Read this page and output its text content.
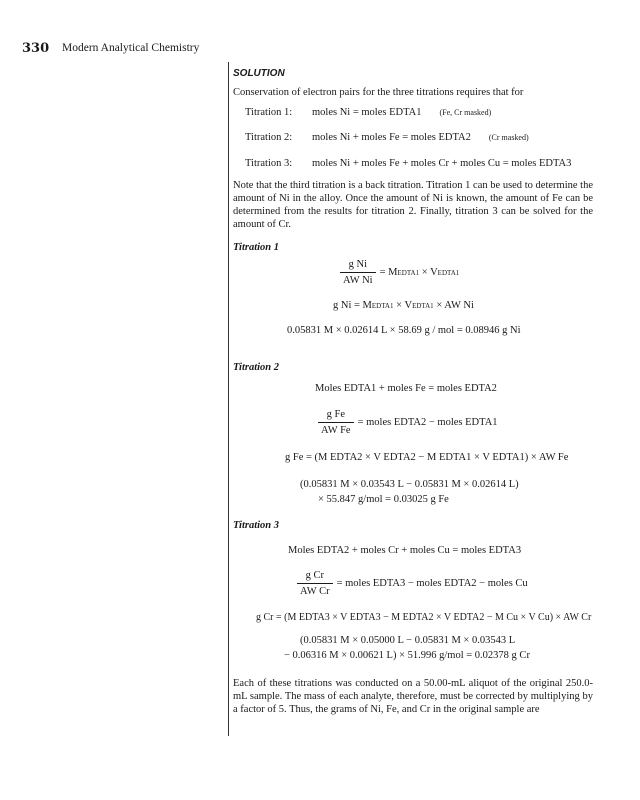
330 Modern Analytical Chemistry
SOLUTION
Conservation of electron pairs for the three titrations requires that for
Titration 1: moles Ni = moles EDTA1 (Fe, Cr masked)
Titration 2: moles Ni + moles Fe = moles EDTA2 (Cr masked)
Titration 3: moles Ni + moles Fe + moles Cr + moles Cu = moles EDTA3
Note that the third titration is a back titration. Titration 1 can be used to determine the amount of Ni in the alloy. Once the amount of Ni is known, the amount of Fe can be determined from the results for titration 2. Finally, titration 3 can be solved for the amount of Cr.
Titration 1
$\frac{\text{g Ni}}{\text{AW Ni}}$ = MEDTA1 × VEDTA1
g Ni = MEDTA1 × VEDTA1 × AW Ni
0.05831 M × 0.02614 L × 58.69 g / mol = 0.08946 g Ni
Titration 2
Moles EDTA1 + moles Fe = moles EDTA2
$\frac{\text{g Fe}}{\text{AW Fe}}$ = moles EDTA2 − moles EDTA1
g Fe = (M EDTA2 × V EDTA2 − M EDTA1 × V EDTA1) × AW Fe
(0.05831 M × 0.03543 L − 0.05831 M × 0.02614 L)
× 55.847 g/mol = 0.03025 g Fe
Titration 3
Moles EDTA2 + moles Cr + moles Cu = moles EDTA3
$\frac{\text{g Cr}}{\text{AW Cr}}$ = moles EDTA3 − moles EDTA2 − moles Cu
g Cr = (M EDTA3 × V EDTA3 − M EDTA2 × V EDTA2 − M Cu × V Cu) × AW Cr
(0.05831 M × 0.05000 L − 0.05831 M × 0.03543 L
− 0.06316 M × 0.00621 L) × 51.996 g/mol = 0.02378 g Cr
Each of these titrations was conducted on a 50.00-mL aliquot of the original 250.0-mL sample. The mass of each analyte, therefore, must be corrected by multiplying by a factor of 5. Thus, the grams of Ni, Fe, and Cr in the original sample are
